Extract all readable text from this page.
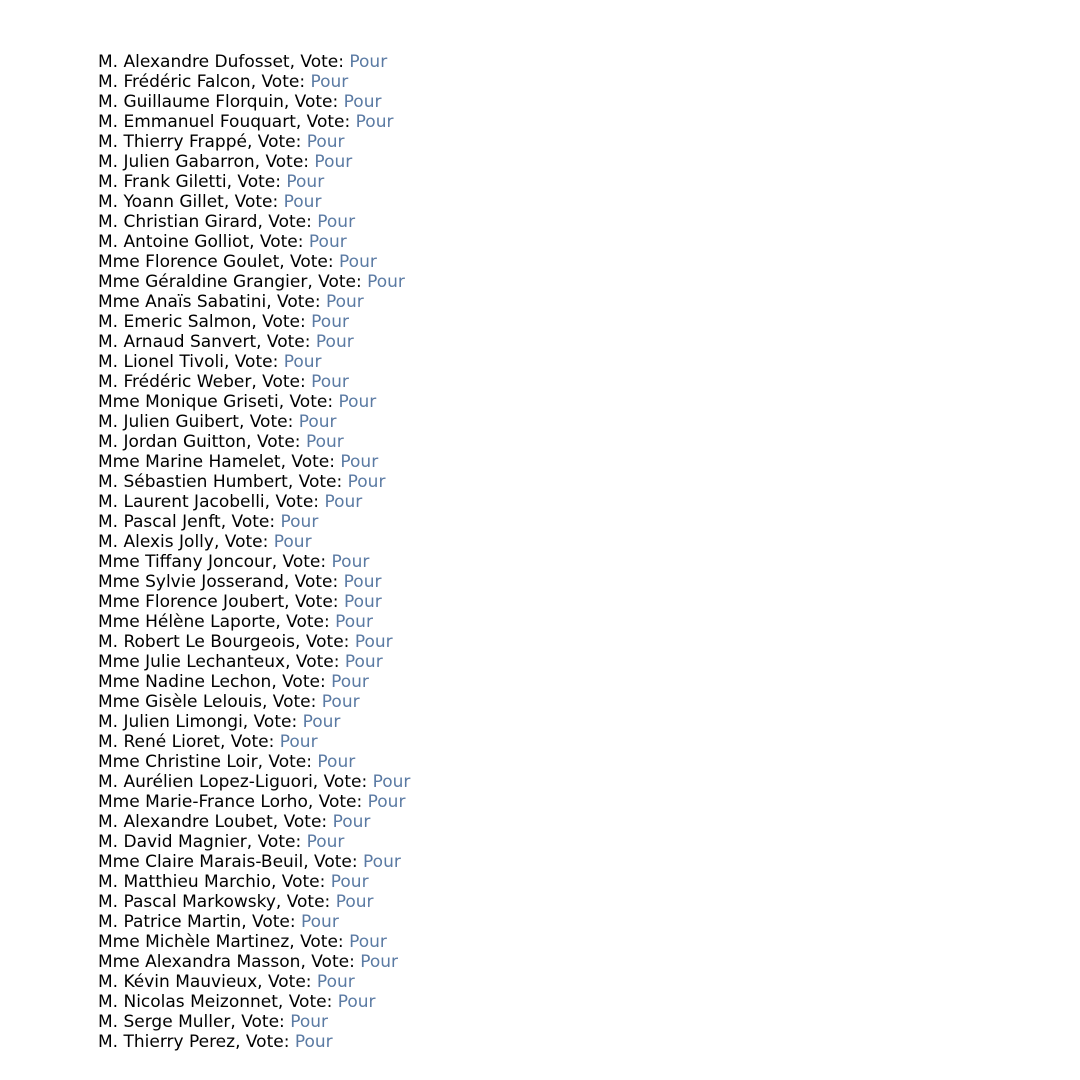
M. Alexandre Dufosset, Vote: Pour
M. Frédéric Falcon, Vote: Pour
M. Guillaume Florquin, Vote: Pour
M. Emmanuel Fouquart, Vote: Pour
M. Thierry Frappé, Vote: Pour
M. Julien Gabarron, Vote: Pour
M. Frank Giletti, Vote: Pour
M. Yoann Gillet, Vote: Pour
M. Christian Girard, Vote: Pour
M. Antoine Golliot, Vote: Pour
Mme Florence Goulet, Vote: Pour
Mme Géraldine Grangier, Vote: Pour
Mme Anaïs Sabatini, Vote: Pour
M. Emeric Salmon, Vote: Pour
M. Arnaud Sanvert, Vote: Pour
M. Lionel Tivoli, Vote: Pour
M. Frédéric Weber, Vote: Pour
Mme Monique Griseti, Vote: Pour
M. Julien Guibert, Vote: Pour
M. Jordan Guitton, Vote: Pour
Mme Marine Hamelet, Vote: Pour
M. Sébastien Humbert, Vote: Pour
M. Laurent Jacobelli, Vote: Pour
M. Pascal Jenft, Vote: Pour
M. Alexis Jolly, Vote: Pour
Mme Tiffany Joncour, Vote: Pour
Mme Sylvie Josserand, Vote: Pour
Mme Florence Joubert, Vote: Pour
Mme Hélène Laporte, Vote: Pour
M. Robert Le Bourgeois, Vote: Pour
Mme Julie Lechanteux, Vote: Pour
Mme Nadine Lechon, Vote: Pour
Mme Gisèle Lelouis, Vote: Pour
M. Julien Limongi, Vote: Pour
M. René Lioret, Vote: Pour
Mme Christine Loir, Vote: Pour
M. Aurélien Lopez-Liguori, Vote: Pour
Mme Marie-France Lorho, Vote: Pour
M. Alexandre Loubet, Vote: Pour
M. David Magnier, Vote: Pour
Mme Claire Marais-Beuil, Vote: Pour
M. Matthieu Marchio, Vote: Pour
M. Pascal Markowsky, Vote: Pour
M. Patrice Martin, Vote: Pour
Mme Michèle Martinez, Vote: Pour
Mme Alexandra Masson, Vote: Pour
M. Kévin Mauvieux, Vote: Pour
M. Nicolas Meizonnet, Vote: Pour
M. Serge Muller, Vote: Pour
M. Thierry Perez, Vote: Pour
